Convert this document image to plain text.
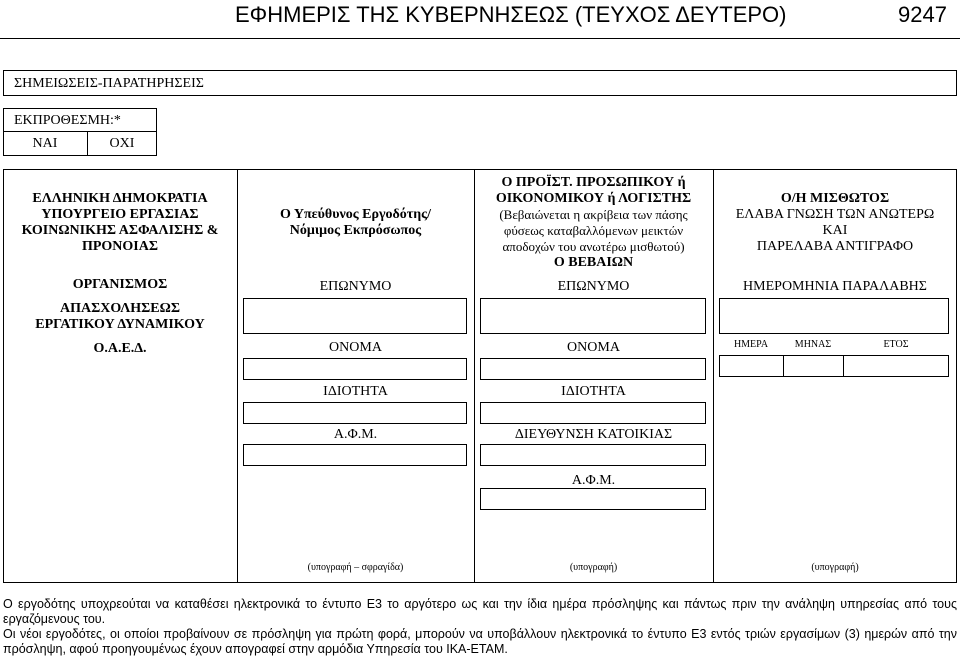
ΕΦΗΜΕΡΙΣ ΤΗΣ ΚΥΒΕΡΝΗΣΕΩΣ (ΤΕΥΧΟΣ ΔΕΥΤΕΡΟ)	9247
ΣΗΜΕΙΩΣΕΙΣ-ΠΑΡΑΤΗΡΗΣΕΙΣ
ΕΚΠΡΟΘΕΣΜΗ:*
ΝΑΙ	ΟΧΙ
ΕΛΛΗΝΙΚΗ ΔΗΜΟΚΡΑΤΙΑ
ΥΠΟΥΡΓΕΙΟ ΕΡΓΑΣΙΑΣ
ΚΟΙΝΩΝΙΚΗΣ ΑΣΦΑΛΙΣΗΣ &
ΠΡΟΝΟΙΑΣ
ΟΡΓΑΝΙΣΜΟΣ
ΑΠΑΣΧΟΛΗΣΕΩΣ
ΕΡΓΑΤΙΚΟΥ ΔΥΝΑΜΙΚΟΥ
Ο.Α.Ε.Δ.
Ο Υπεύθυνος Εργοδότης/
Νόμιμος Εκπρόσωπος
ΕΠΩΝΥΜΟ
ΟΝΟΜΑ
ΙΔΙΟΤΗΤΑ
Α.Φ.Μ.
(υπογραφή – σφραγίδα)
Ο ΠΡΟΪΣΤ. ΠΡΟΣΩΠΙΚΟΥ ή
ΟΙΚΟΝΟΜΙΚΟΥ ή ΛΟΓΙΣΤΗΣ
(Βεβαιώνεται η ακρίβεια των πάσης
φύσεως καταβαλλόμενων μεικτών
αποδοχών του ανωτέρω μισθωτού)
Ο ΒΕΒΑΙΩΝ
ΕΠΩΝΥΜΟ
ΟΝΟΜΑ
ΙΔΙΟΤΗΤΑ
ΔΙΕΥΘΥΝΣΗ ΚΑΤΟΙΚΙΑΣ
Α.Φ.Μ.
(υπογραφή)
Ο/Η ΜΙΣΘΩΤΟΣ
ΕΛΑΒΑ ΓΝΩΣΗ ΤΩΝ ΑΝΩΤΕΡΩ
ΚΑΙ
ΠΑΡΕΛΑΒΑ ΑΝΤΙΓΡΑΦΟ
ΗΜΕΡΟΜΗΝΙΑ ΠΑΡΑΛΑΒΗΣ
ΗΜΕΡΑ	ΜΗΝΑΣ	ΕΤΟΣ
(υπογραφή)
Ο εργοδότης υποχρεούται να καταθέσει ηλεκτρονικά το έντυπο Ε3 το αργότερο ως και την ίδια ημέρα πρόσληψης και πάντως πριν την ανάληψη υπηρεσίας από τους εργαζόμενους του.
Οι νέοι εργοδότες, οι οποίοι προβαίνουν σε πρόσληψη για πρώτη φορά, μπορούν να υποβάλλουν ηλεκτρονικά το έντυπο Ε3 εντός τριών εργασίμων (3) ημερών από την πρόσληψη, αφού προηγουμένως έχουν απογραφεί στην αρμόδια Υπηρεσία του ΙΚΑ-ΕΤΑΜ.
